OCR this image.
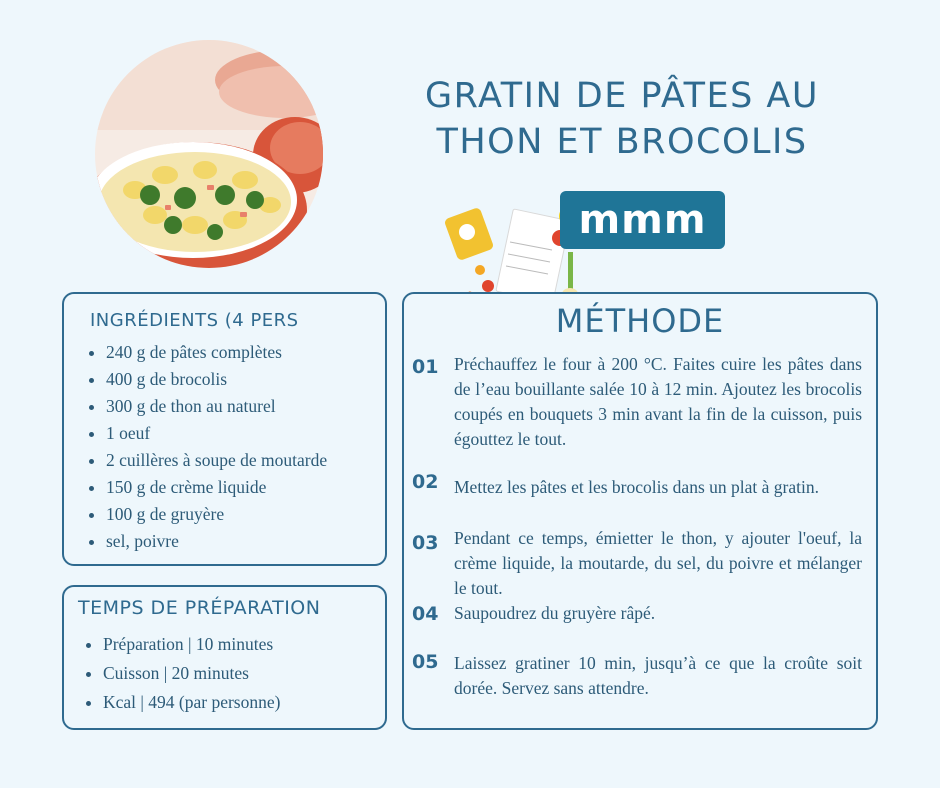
GRATIN DE PÂTES AU
THON ET BROCOLIS
mmm
INGRÉDIENTS (4 PERS
240 g de pâtes complètes
400 g de brocolis
300 g de thon au naturel
1 oeuf
2 cuillères à soupe de moutarde
150 g de crème liquide
100 g de gruyère
sel, poivre
TEMPS DE PRÉPARATION
Préparation | 10 minutes
Cuisson | 20 minutes
Kcal | 494 (par personne)
MÉTHODE
01 Préchauffez le four à 200 °C. Faites cuire les pâtes dans de l’eau bouillante salée 10 à 12 min. Ajoutez les brocolis coupés en bouquets 3 min avant la fin de la cuisson, puis égouttez le tout.
02 Mettez les pâtes et les brocolis dans un plat à gratin.
03 Pendant ce temps, émietter le thon, y ajouter l'oeuf, la crème liquide, la moutarde, du sel, du poivre et mélanger le tout.
04 Saupoudrez du gruyère râpé.
05 Laissez gratiner 10 min, jusqu’à ce que la croûte soit dorée. Servez sans attendre.
